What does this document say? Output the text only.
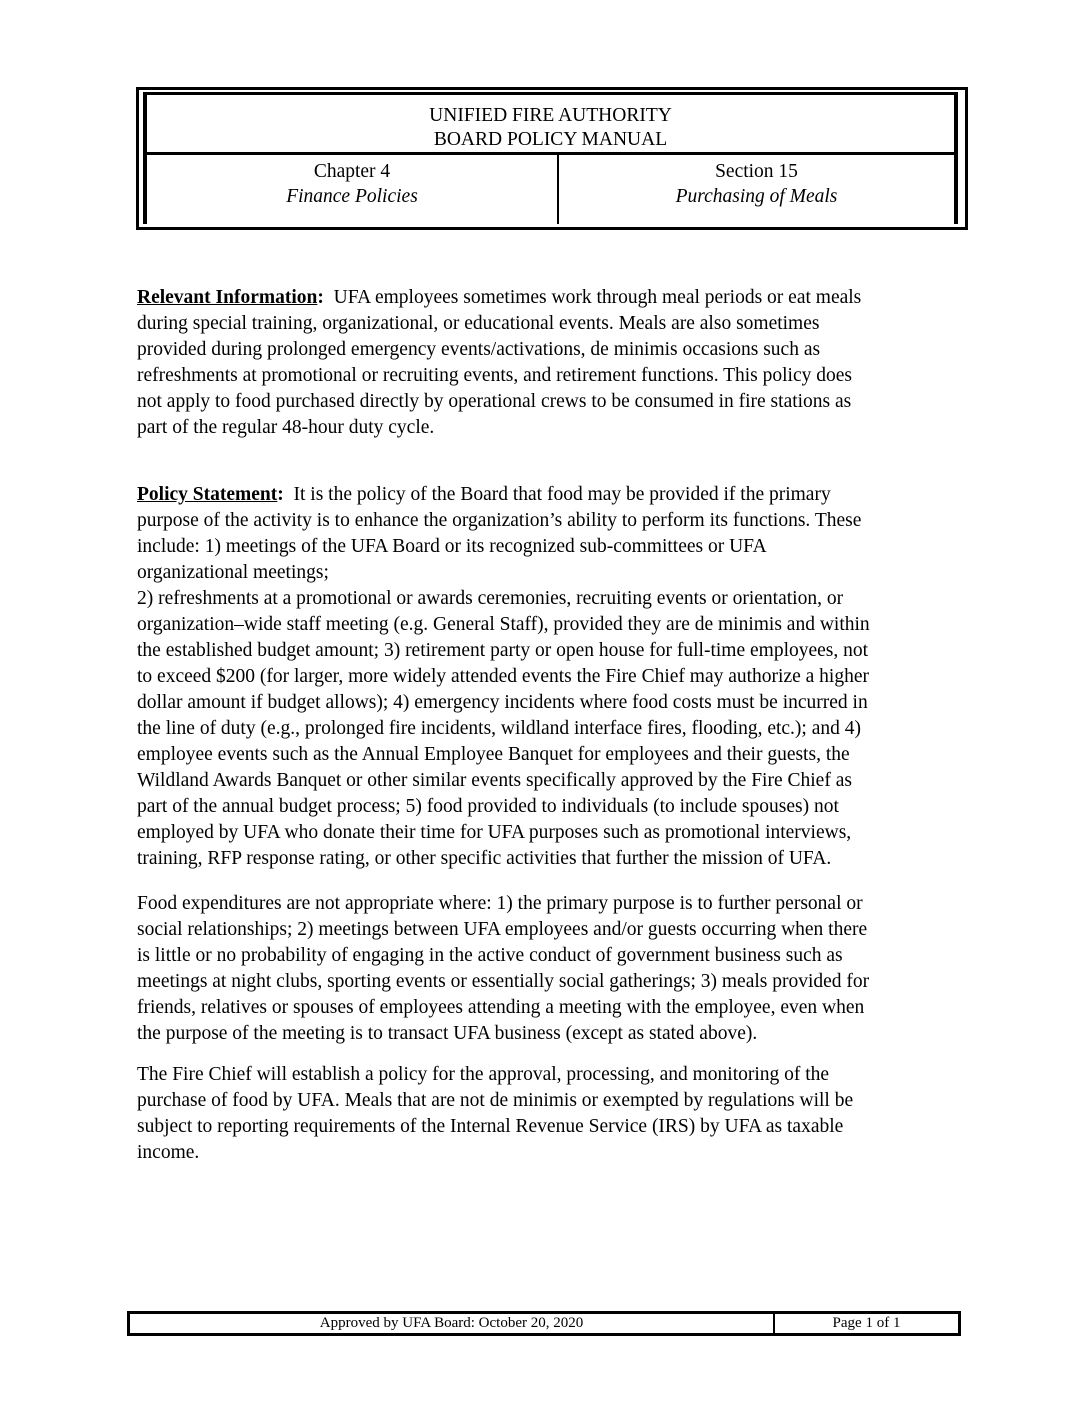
UNIFIED FIRE AUTHORITY
BOARD POLICY MANUAL
Chapter 4
Finance Policies
Section 15
Purchasing of Meals
Relevant Information: UFA employees sometimes work through meal periods or eat meals
during special training, organizational, or educational events. Meals are also sometimes
provided during prolonged emergency events/activations, de minimis occasions such as
refreshments at promotional or recruiting events, and retirement functions. This policy does
not apply to food purchased directly by operational crews to be consumed in fire stations as
part of the regular 48-hour duty cycle.
Policy Statement: It is the policy of the Board that food may be provided if the primary
purpose of the activity is to enhance the organization’s ability to perform its functions. These
include: 1) meetings of the UFA Board or its recognized sub-committees or UFA
organizational meetings;
2) refreshments at a promotional or awards ceremonies, recruiting events or orientation, or
organization–wide staff meeting (e.g. General Staff), provided they are de minimis and within
the established budget amount; 3) retirement party or open house for full-time employees, not
to exceed $200 (for larger, more widely attended events the Fire Chief may authorize a higher
dollar amount if budget allows); 4) emergency incidents where food costs must be incurred in
the line of duty (e.g., prolonged fire incidents, wildland interface fires, flooding, etc.); and 4)
employee events such as the Annual Employee Banquet for employees and their guests, the
Wildland Awards Banquet or other similar events specifically approved by the Fire Chief as
part of the annual budget process; 5) food provided to individuals (to include spouses) not
employed by UFA who donate their time for UFA purposes such as promotional interviews,
training, RFP response rating, or other specific activities that further the mission of UFA.
Food expenditures are not appropriate where: 1) the primary purpose is to further personal or
social relationships; 2) meetings between UFA employees and/or guests occurring when there
is little or no probability of engaging in the active conduct of government business such as
meetings at night clubs, sporting events or essentially social gatherings; 3) meals provided for
friends, relatives or spouses of employees attending a meeting with the employee, even when
the purpose of the meeting is to transact UFA business (except as stated above).
The Fire Chief will establish a policy for the approval, processing, and monitoring of the
purchase of food by UFA. Meals that are not de minimis or exempted by regulations will be
subject to reporting requirements of the Internal Revenue Service (IRS) by UFA as taxable
income.
Approved by UFA Board: October 20, 2020	Page 1 of 1
